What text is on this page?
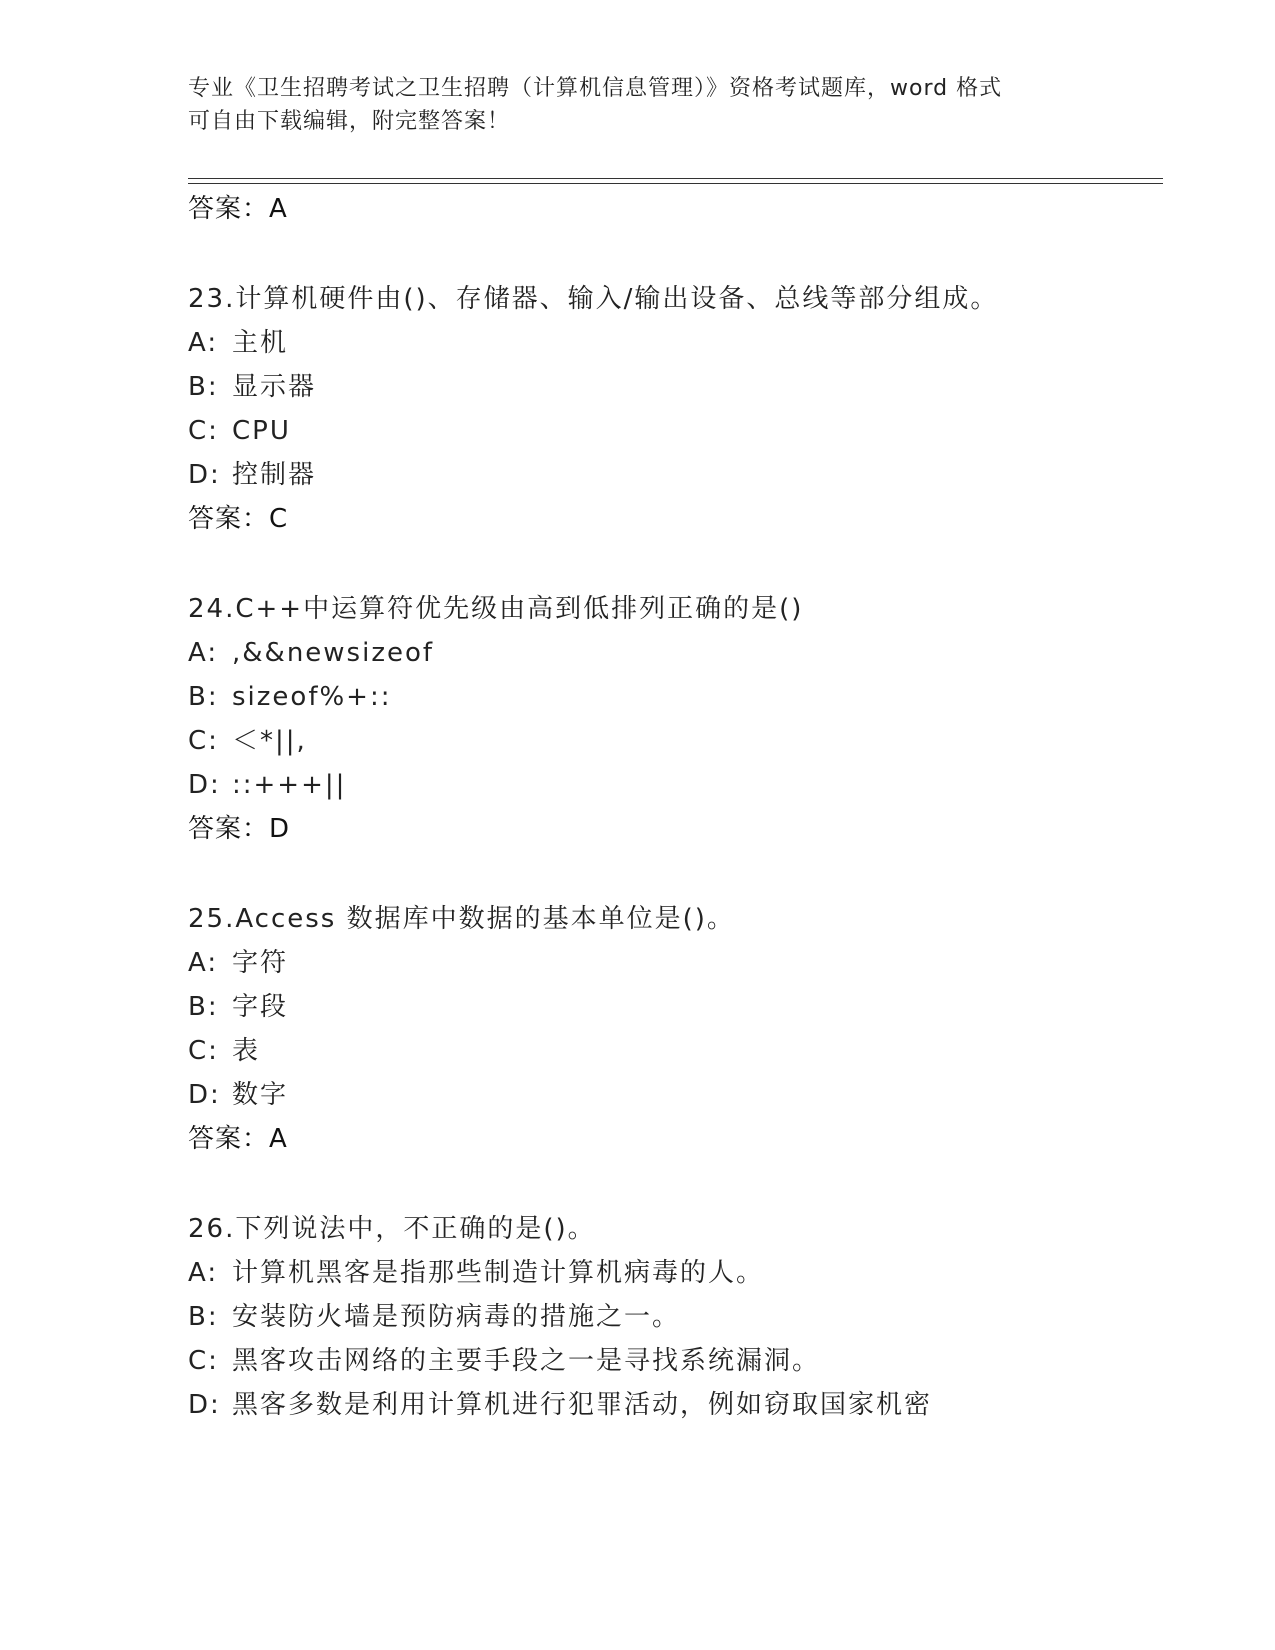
专业《卫生招聘考试之卫生招聘（计算机信息管理）》资格考试题库，word 格式
可自由下载编辑，附完整答案！
答案：A
23.计算机硬件由()、存储器、输入/输出设备、总线等部分组成。
A: 主机
B: 显示器
C: CPU
D: 控制器
答案：C
24.C++中运算符优先级由高到低排列正确的是()
A: ,&&newsizeof
B: sizeof%+::
C: ＜*||,
D: ::+++||
答案：D
25.Access 数据库中数据的基本单位是()。
A: 字符
B: 字段
C: 表
D: 数字
答案：A
26.下列说法中，不正确的是()。
A: 计算机黑客是指那些制造计算机病毒的人。
B: 安装防火墙是预防病毒的措施之一。
C: 黑客攻击网络的主要手段之一是寻找系统漏洞。
D: 黑客多数是利用计算机进行犯罪活动，例如窃取国家机密
